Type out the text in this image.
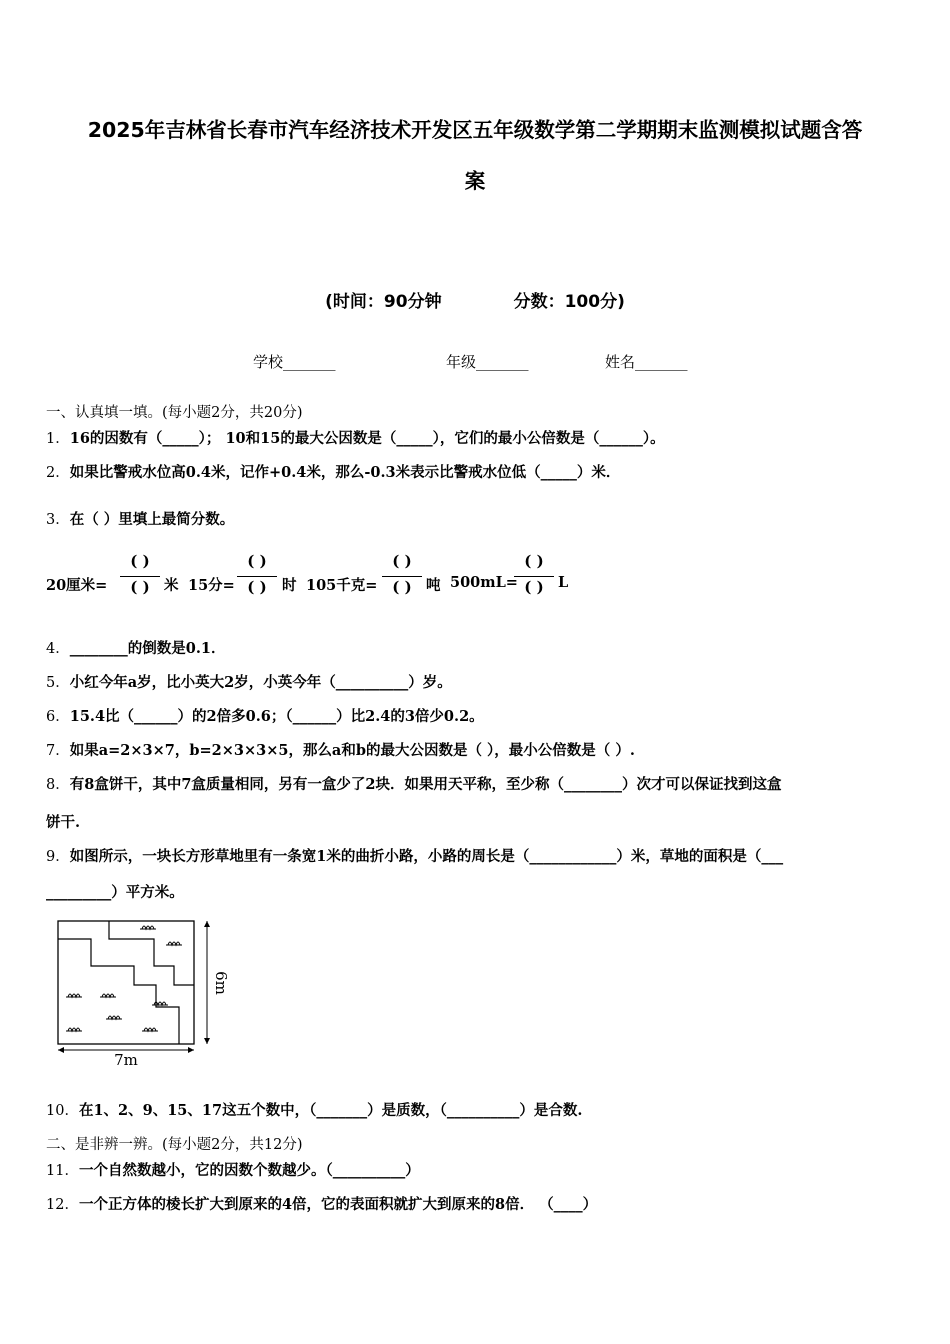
2025年吉林省长春市汽车经济技术开发区五年级数学第二学期期末监测模拟试题含答
案
(时间：90分钟	分数：100分)
学校_______	年级_______	姓名_______
一、认真填一填。(每小题2分，共20分)
1．16的因数有（_____）； 10和15的最大公因数是（_____），它们的最小公倍数是（______）。
2．如果比警戒水位高0.4米，记作+0.4米，那么-0.3米表示比警戒水位低（_____）米．
3．在（ ）里填上最简分数。
20厘米=
( )
( ) 米 15分=
( )
( )	时 105千克=
( )
( ) 吨 500mL=
( )
( ) L
4．________的倒数是0.1．
5．小红今年a岁，比小英大2岁，小英今年（__________）岁。
6．15.4比（______）的2倍多0.6；（______）比2.4的3倍少0.2。
7．如果a=2×3×7，b=2×3×3×5，那么a和b的最大公因数是（ ），最小公倍数是（ ）.
8．有8盒饼干，其中7盒质量相同，另有一盒少了2块．如果用天平称，至少称（________）次才可以保证找到这盒
饼干.
9．如图所示，一块长方形草地里有一条宽1米的曲折小路，小路的周长是（____________）米，草地的面积是（___
_________）平方米。
7m
6m
10．在1、2、9、15、17这五个数中，（_______）是质数，（__________）是合数.
二、是非辨一辨。(每小题2分，共12分)
11．一个自然数越小，它的因数个数越少。（__________）
12．一个正方体的棱长扩大到原来的4倍，它的表面积就扩大到原来的8倍． （____）
